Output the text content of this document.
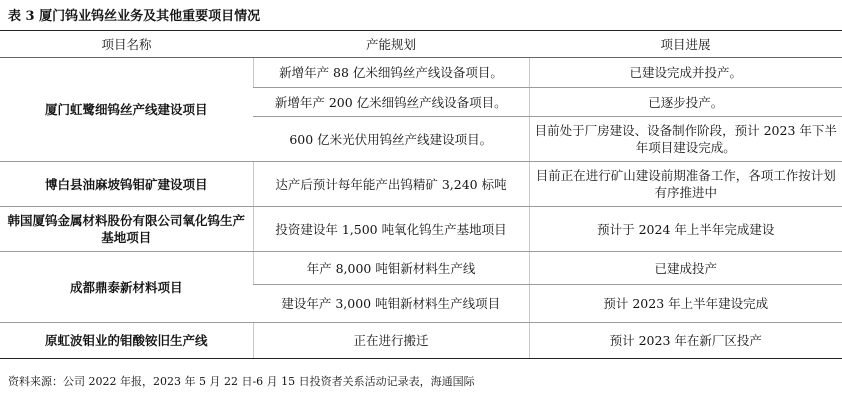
表 3 厦门钨业钨丝业务及其他重要项目情况
项目名称	产能规划	项目进展
厦门虹鹭细钨丝产线建设项目	新增年产 88 亿米细钨丝产线设备项目。	已建设完成并投产。
	新增年产 200 亿米细钨丝产线设备项目。	已逐步投产。
	600 亿米光伏用钨丝产线建设项目。	目前处于厂房建设、设备制作阶段，预计 2023 年下半年项目建设完成。
博白县油麻坡钨钼矿建设项目	达产后预计每年能产出钨精矿 3,240 标吨	目前正在进行矿山建设前期准备工作，各项工作按计划有序推进中
韩国厦钨金属材料股份有限公司氧化钨生产基地项目	投资建设年 1,500 吨氧化钨生产基地项目	预计于 2024 年上半年完成建设
成都鼎泰新材料项目	年产 8,000 吨钼新材料生产线	已建成投产
	建设年产 3,000 吨钼新材料生产线项目	预计 2023 年上半年建设完成
原虹波钼业的钼酸铵旧生产线	正在进行搬迁	预计 2023 年在新厂区投产
资料来源：公司 2022 年报，2023 年 5 月 22 日-6 月 15 日投资者关系活动记录表，海通国际
